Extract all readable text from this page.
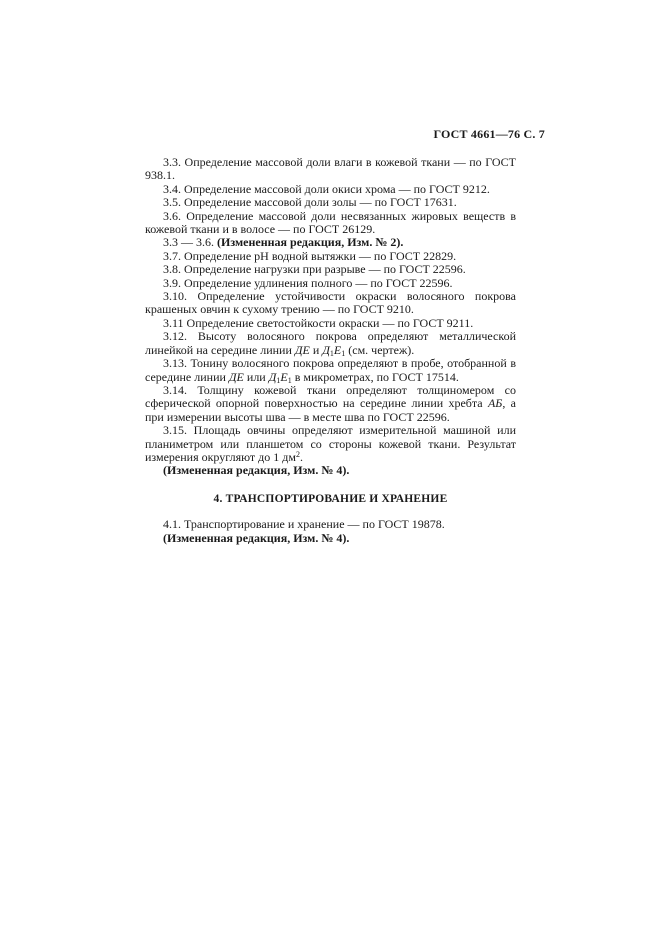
ГОСТ 4661—76 С. 7
3.3. Определение массовой доли влаги в кожевой ткани — по ГОСТ 938.1.
3.4. Определение массовой доли окиси хрома — по ГОСТ 9212.
3.5. Определение массовой доли золы — по ГОСТ 17631.
3.6. Определение массовой доли несвязанных жировых веществ в кожевой ткани и в волосе — по ГОСТ 26129.
3.3 — 3.6. (Измененная редакция, Изм. № 2).
3.7. Определение pH водной вытяжки — по ГОСТ 22829.
3.8. Определение нагрузки при разрыве — по ГОСТ 22596.
3.9. Определение удлинения полного — по ГОСТ 22596.
3.10. Определение устойчивости окраски волосяного покрова крашеных овчин к сухому трению — по ГОСТ 9210.
3.11 Определение светостойкости окраски — по ГОСТ 9211.
3.12. Высоту волосяного покрова определяют металлической линейкой на середине линии ДЕ и $Д_1Е_1$ (см. чертеж).
3.13. Тонину волосяного покрова определяют в пробе, отобранной в середине линии ДЕ или $Д_1Е_1$ в микрометрах, по ГОСТ 17514.
3.14. Толщину кожевой ткани определяют толщиномером со сферической опорной поверхностью на середине линии хребта АБ, а при измерении высоты шва — в месте шва по ГОСТ 22596.
3.15. Площадь овчины определяют измерительной машиной или планиметром или планшетом со стороны кожевой ткани. Результат измерения округляют до 1 $дм^2$.
(Измененная редакция, Изм. № 4).
4. ТРАНСПОРТИРОВАНИЕ И ХРАНЕНИЕ
4.1. Транспортирование и хранение — по ГОСТ 19878.
(Измененная редакция, Изм. № 4).
